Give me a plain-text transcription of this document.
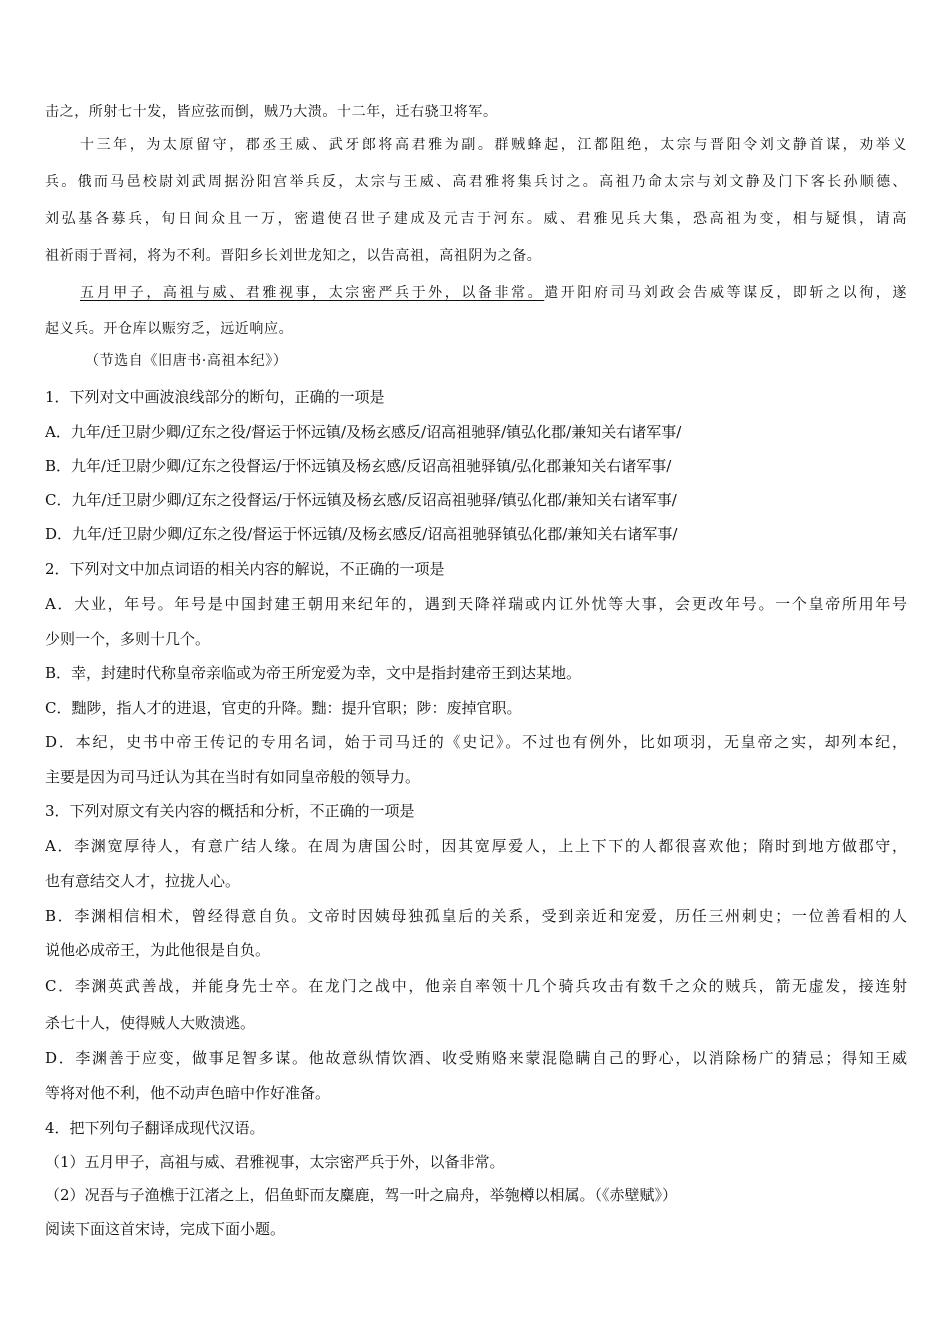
击之，所射七十发，皆应弦而倒，贼乃大溃。十二年，迁右骁卫将军。
十三年，为太原留守，郡丞王威、武牙郎将高君雅为副。群贼蜂起，江都阻绝，太宗与晋阳令刘文静首谋，劝举义
兵。俄而马邑校尉刘武周据汾阳宫举兵反，太宗与王威、高君雅将集兵讨之。高祖乃命太宗与刘文静及门下客长孙顺德、
刘弘基各募兵，旬日间众且一万，密遣使召世子建成及元吉于河东。威、君雅见兵大集，恐高祖为变，相与疑惧，请高
祖祈雨于晋祠，将为不利。晋阳乡长刘世龙知之，以告高祖，高祖阴为之备。
五月甲子，高祖与威、君雅视事，太宗密严兵于外，以备非常。遣开阳府司马刘政会告威等谋反，即斩之以徇，遂
起义兵。开仓库以赈穷乏，远近响应。
（节选自《旧唐书·高祖本纪》）
1．下列对文中画波浪线部分的断句，正确的一项是
A．九年/迁卫尉少卿/辽东之役/督运于怀远镇/及杨玄感反/诏高祖驰驿/镇弘化郡/兼知关右诸军事/
B．九年/迁卫尉少卿/辽东之役督运/于怀远镇及杨玄感/反诏高祖驰驿镇/弘化郡兼知关右诸军事/
C．九年/迁卫尉少卿/辽东之役督运/于怀远镇及杨玄感/反诏高祖驰驿/镇弘化郡/兼知关右诸军事/
D．九年/迁卫尉少卿/辽东之役/督运于怀远镇/及杨玄感反/诏高祖驰驿镇弘化郡/兼知关右诸军事/
2．下列对文中加点词语的相关内容的解说，不正确的一项是
A．大业，年号。年号是中国封建王朝用来纪年的，遇到天降祥瑞或内讧外忧等大事，会更改年号。一个皇帝所用年号
少则一个，多则十几个。
B．幸，封建时代称皇帝亲临或为帝王所宠爱为幸，文中是指封建帝王到达某地。
C．黜陟，指人才的进退，官吏的升降。黜：提升官职；陟：废掉官职。
D．本纪，史书中帝王传记的专用名词，始于司马迁的《史记》。不过也有例外，比如项羽，无皇帝之实，却列本纪，
主要是因为司马迁认为其在当时有如同皇帝般的领导力。
3．下列对原文有关内容的概括和分析，不正确的一项是
A．李渊宽厚待人，有意广结人缘。在周为唐国公时，因其宽厚爱人，上上下下的人都很喜欢他；隋时到地方做郡守，
也有意结交人才，拉拢人心。
B．李渊相信相术，曾经得意自负。文帝时因姨母独孤皇后的关系，受到亲近和宠爱，历任三州刺史；一位善看相的人
说他必成帝王，为此他很是自负。
C．李渊英武善战，并能身先士卒。在龙门之战中，他亲自率领十几个骑兵攻击有数千之众的贼兵，箭无虚发，接连射
杀七十人，使得贼人大败溃逃。
D．李渊善于应变，做事足智多谋。他故意纵情饮酒、收受贿赂来蒙混隐瞒自己的野心，以消除杨广的猜忌；得知王威
等将对他不利，他不动声色暗中作好准备。
4．把下列句子翻译成现代汉语。
（1）五月甲子，高祖与威、君雅视事，太宗密严兵于外，以备非常。
（2）况吾与子渔樵于江渚之上，侣鱼虾而友麋鹿，驾一叶之扁舟，举匏樽以相属。（《赤壁赋》）
阅读下面这首宋诗，完成下面小题。
